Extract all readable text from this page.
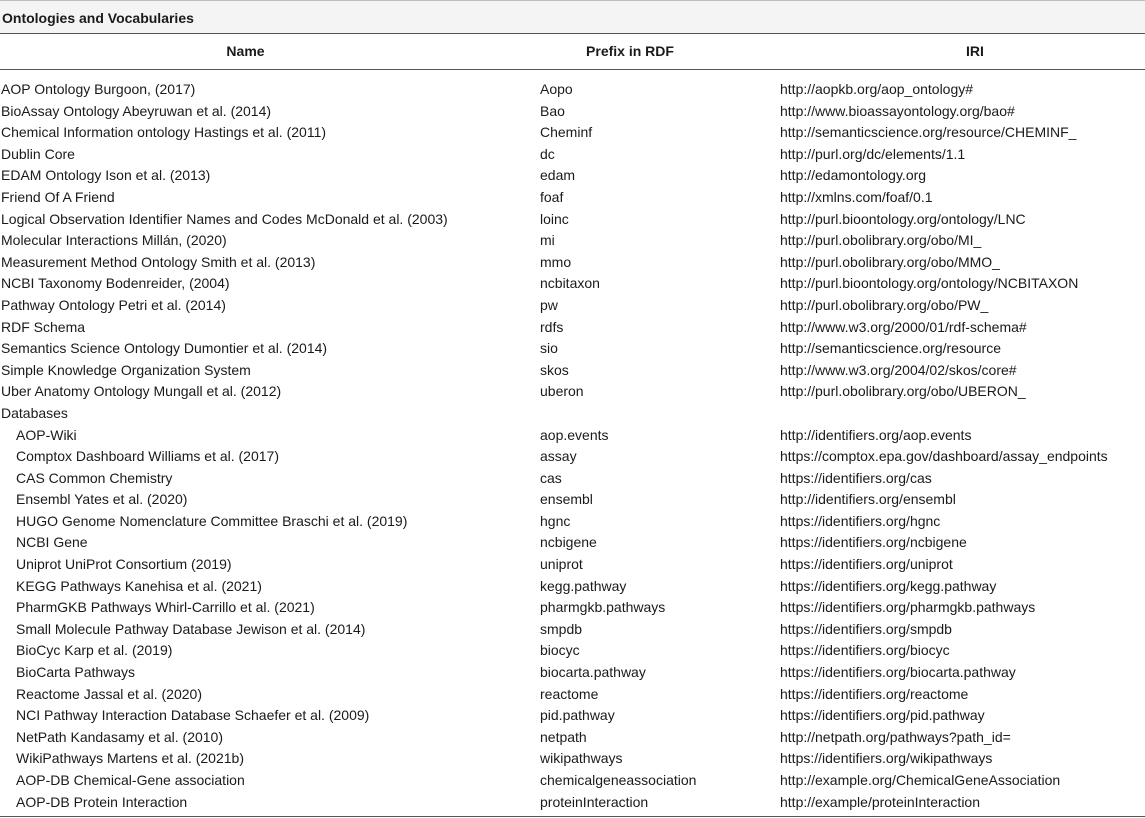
Ontologies and Vocabularies
Name	Prefix in RDF	IRI
AOP Ontology Burgoon, (2017)	Aopo	http://aopkb.org/aop_ontology#
BioAssay Ontology Abeyruwan et al. (2014)	Bao	http://www.bioassayontology.org/bao#
Chemical Information ontology Hastings et al. (2011)	Cheminf	http://semanticscience.org/resource/CHEMINF_
Dublin Core	dc	http://purl.org/dc/elements/1.1
EDAM Ontology Ison et al. (2013)	edam	http://edamontology.org
Friend Of A Friend	foaf	http://xmlns.com/foaf/0.1
Logical Observation Identifier Names and Codes McDonald et al. (2003)	loinc	http://purl.bioontology.org/ontology/LNC
Molecular Interactions Millán, (2020)	mi	http://purl.obolibrary.org/obo/MI_
Measurement Method Ontology Smith et al. (2013)	mmo	http://purl.obolibrary.org/obo/MMO_
NCBI Taxonomy Bodenreider, (2004)	ncbitaxon	http://purl.bioontology.org/ontology/NCBITAXON
Pathway Ontology Petri et al. (2014)	pw	http://purl.obolibrary.org/obo/PW_
RDF Schema	rdfs	http://www.w3.org/2000/01/rdf-schema#
Semantics Science Ontology Dumontier et al. (2014)	sio	http://semanticscience.org/resource
Simple Knowledge Organization System	skos	http://www.w3.org/2004/02/skos/core#
Uber Anatomy Ontology Mungall et al. (2012)	uberon	http://purl.obolibrary.org/obo/UBERON_
Databases
AOP-Wiki	aop.events	http://identifiers.org/aop.events
Comptox Dashboard Williams et al. (2017)	assay	https://comptox.epa.gov/dashboard/assay_endpoints
CAS Common Chemistry	cas	https://identifiers.org/cas
Ensembl Yates et al. (2020)	ensembl	http://identifiers.org/ensembl
HUGO Genome Nomenclature Committee Braschi et al. (2019)	hgnc	https://identifiers.org/hgnc
NCBI Gene	ncbigene	https://identifiers.org/ncbigene
Uniprot UniProt Consortium (2019)	uniprot	https://identifiers.org/uniprot
KEGG Pathways Kanehisa et al. (2021)	kegg.pathway	https://identifiers.org/kegg.pathway
PharmGKB Pathways Whirl-Carrillo et al. (2021)	pharmgkb.pathways	https://identifiers.org/pharmgkb.pathways
Small Molecule Pathway Database Jewison et al. (2014)	smpdb	https://identifiers.org/smpdb
BioCyc Karp et al. (2019)	biocyc	https://identifiers.org/biocyc
BioCarta Pathways	biocarta.pathway	https://identifiers.org/biocarta.pathway
Reactome Jassal et al. (2020)	reactome	https://identifiers.org/reactome
NCI Pathway Interaction Database Schaefer et al. (2009)	pid.pathway	https://identifiers.org/pid.pathway
NetPath Kandasamy et al. (2010)	netpath	http://netpath.org/pathways?path_id=
WikiPathways Martens et al. (2021b)	wikipathways	https://identifiers.org/wikipathways
AOP-DB Chemical-Gene association	chemicalgeneassociation	http://example.org/ChemicalGeneAssociation
AOP-DB Protein Interaction	proteinInteraction	http://example/proteinInteraction
